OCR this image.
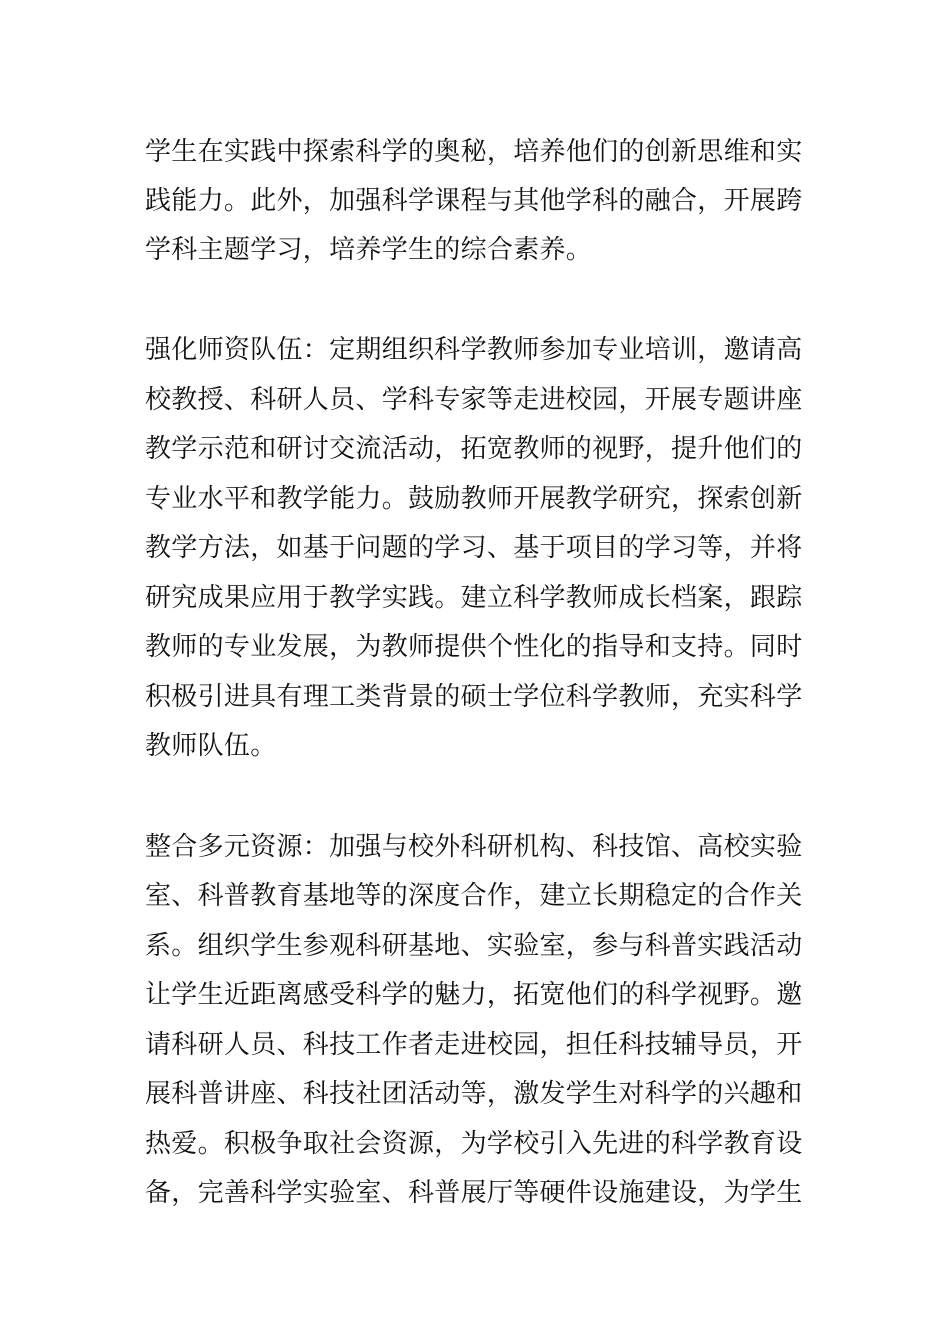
学生在实践中探索科学的奥秘，培养他们的创新思维和实
践能力。此外，加强科学课程与其他学科的融合，开展跨
学科主题学习，培养学生的综合素养。
强化师资队伍：定期组织科学教师参加专业培训，邀请高
校教授、科研人员、学科专家等走进校园，开展专题讲座
教学示范和研讨交流活动，拓宽教师的视野，提升他们的
专业水平和教学能力。鼓励教师开展教学研究，探索创新
教学方法，如基于问题的学习、基于项目的学习等，并将
研究成果应用于教学实践。建立科学教师成长档案，跟踪
教师的专业发展，为教师提供个性化的指导和支持。同时
积极引进具有理工类背景的硕士学位科学教师，充实科学
教师队伍。
整合多元资源：加强与校外科研机构、科技馆、高校实验
室、科普教育基地等的深度合作，建立长期稳定的合作关
系。组织学生参观科研基地、实验室，参与科普实践活动
让学生近距离感受科学的魅力，拓宽他们的科学视野。邀
请科研人员、科技工作者走进校园，担任科技辅导员，开
展科普讲座、科技社团活动等，激发学生对科学的兴趣和
热爱。积极争取社会资源，为学校引入先进的科学教育设
备，完善科学实验室、科普展厅等硬件设施建设，为学生
